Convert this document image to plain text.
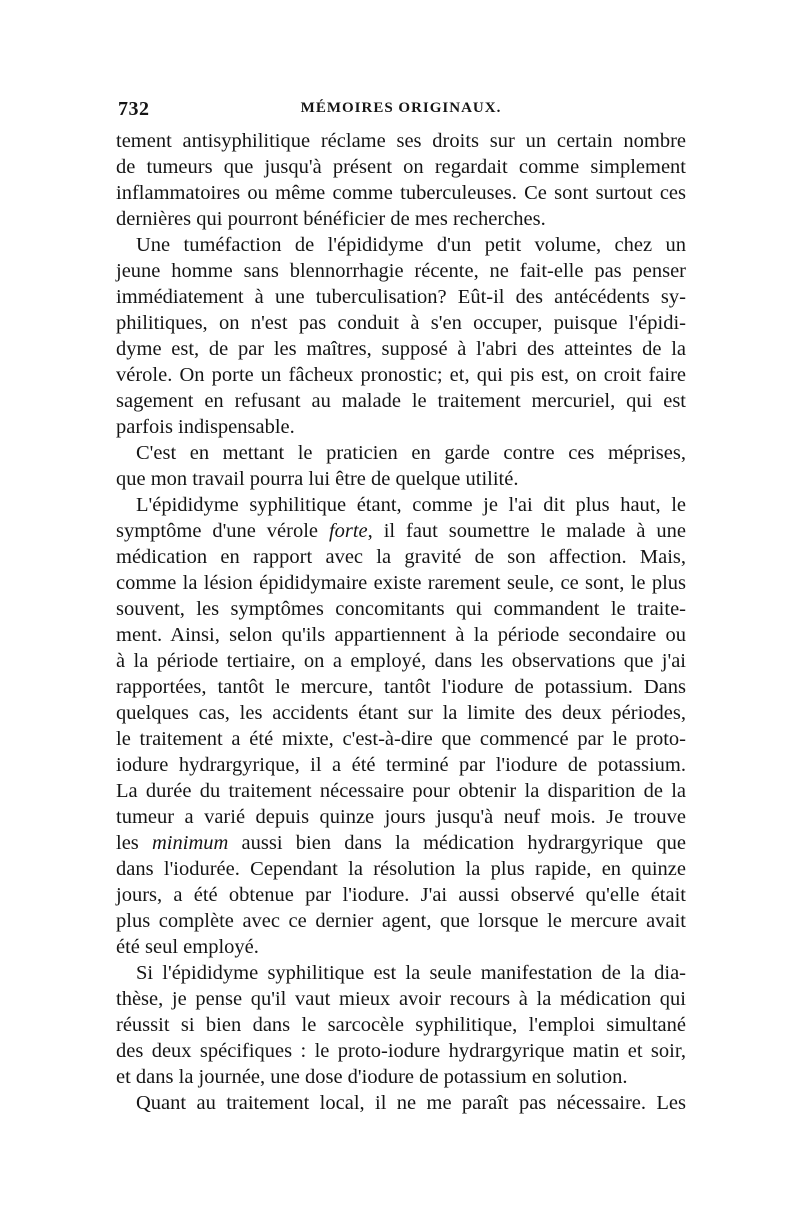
732	MÉMOIRES ORIGINAUX.
tement antisyphilitique réclame ses droits sur un certain nombre
de tumeurs que jusqu'à présent on regardait comme simplement
inflammatoires ou même comme tuberculeuses. Ce sont surtout ces
dernières qui pourront bénéficier de mes recherches.
Une tuméfaction de l'épididyme d'un petit volume, chez un
jeune homme sans blennorrhagie récente, ne fait-elle pas penser
immédiatement à une tuberculisation? Eût-il des antécédents sy-
philitiques, on n'est pas conduit à s'en occuper, puisque l'épidi-
dyme est, de par les maîtres, supposé à l'abri des atteintes de la
vérole. On porte un fâcheux pronostic; et, qui pis est, on croit faire
sagement en refusant au malade le traitement mercuriel, qui est
parfois indispensable.
C'est en mettant le praticien en garde contre ces méprises,
que mon travail pourra lui être de quelque utilité.
L'épididyme syphilitique étant, comme je l'ai dit plus haut, le
symptôme d'une vérole forte, il faut soumettre le malade à une
médication en rapport avec la gravité de son affection. Mais,
comme la lésion épididymaire existe rarement seule, ce sont, le plus
souvent, les symptômes concomitants qui commandent le traite-
ment. Ainsi, selon qu'ils appartiennent à la période secondaire ou
à la période tertiaire, on a employé, dans les observations que j'ai
rapportées, tantôt le mercure, tantôt l'iodure de potassium. Dans
quelques cas, les accidents étant sur la limite des deux périodes,
le traitement a été mixte, c'est-à-dire que commencé par le proto-
iodure hydrargyrique, il a été terminé par l'iodure de potassium.
La durée du traitement nécessaire pour obtenir la disparition de la
tumeur a varié depuis quinze jours jusqu'à neuf mois. Je trouve
les minimum aussi bien dans la médication hydrargyrique que
dans l'iodurée. Cependant la résolution la plus rapide, en quinze
jours, a été obtenue par l'iodure. J'ai aussi observé qu'elle était
plus complète avec ce dernier agent, que lorsque le mercure avait
été seul employé.
Si l'épididyme syphilitique est la seule manifestation de la dia-
thèse, je pense qu'il vaut mieux avoir recours à la médication qui
réussit si bien dans le sarcocèle syphilitique, l'emploi simultané
des deux spécifiques : le proto-iodure hydrargyrique matin et soir,
et dans la journée, une dose d'iodure de potassium en solution.
Quant au traitement local, il ne me paraît pas nécessaire. Les
